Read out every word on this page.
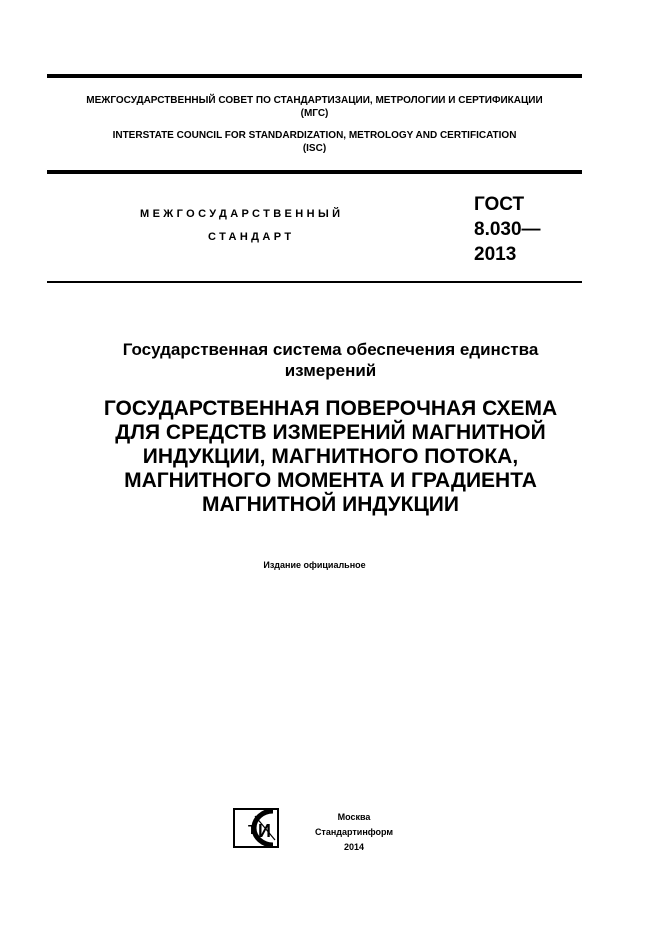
МЕЖГОСУДАРСТВЕННЫЙ СОВЕТ ПО СТАНДАРТИЗАЦИИ, МЕТРОЛОГИИ И СЕРТИФИКАЦИИ
(МГС)
INTERSTATE COUNCIL FOR STANDARDIZATION, METROLOGY AND CERTIFICATION
(ISC)
МЕЖГОСУДАРСТВЕННЫЙ
СТАНДАРТ
ГОСТ
8.030—
2013
Государственная система обеспечения единства
измерений
ГОСУДАРСТВЕННАЯ ПОВЕРОЧНАЯ СХЕМА
ДЛЯ СРЕДСТВ ИЗМЕРЕНИЙ МАГНИТНОЙ
ИНДУКЦИИ, МАГНИТНОГО ПОТОКА,
МАГНИТНОГО МОМЕНТА И ГРАДИЕНТА
МАГНИТНОЙ ИНДУКЦИИ
Издание официальное
Т И
Москва
Стандартинформ
2014
